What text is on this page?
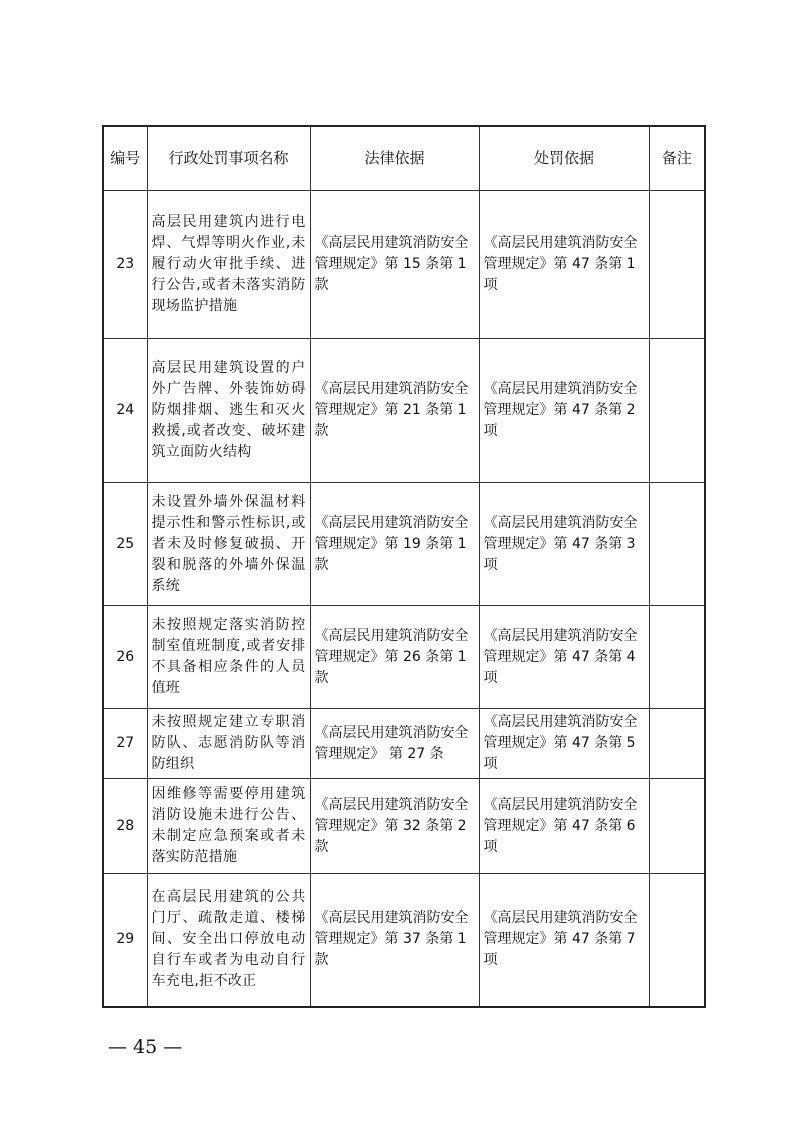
编号	行政处罚事项名称	法律依据	处罚依据	备注
23	高层民用建筑内进行电焊、气焊等明火作业,未履行动火审批手续、进行公告,或者未落实消防现场监护措施	《高层民用建筑消防安全管理规定》第 15 条第 1 款	《高层民用建筑消防安全管理规定》第 47 条第 1 项	
24	高层民用建筑设置的户外广告牌、外装饰妨碍防烟排烟、逃生和灭火救援,或者改变、破坏建筑立面防火结构	《高层民用建筑消防安全管理规定》第 21 条第 1 款	《高层民用建筑消防安全管理规定》第 47 条第 2 项	
25	未设置外墙外保温材料提示性和警示性标识,或者未及时修复破损、开裂和脱落的外墙外保温系统	《高层民用建筑消防安全管理规定》第 19 条第 1 款	《高层民用建筑消防安全管理规定》第 47 条第 3 项	
26	未按照规定落实消防控制室值班制度,或者安排不具备相应条件的人员值班	《高层民用建筑消防安全管理规定》第 26 条第 1 款	《高层民用建筑消防安全管理规定》第 47 条第 4 项	
27	未按照规定建立专职消防队、志愿消防队等消防组织	《高层民用建筑消防安全管理规定》 第 27 条	《高层民用建筑消防安全管理规定》第 47 条第 5 项	
28	因维修等需要停用建筑消防设施未进行公告、未制定应急预案或者未落实防范措施	《高层民用建筑消防安全管理规定》第 32 条第 2 款	《高层民用建筑消防安全管理规定》第 47 条第 6 项	
29	在高层民用建筑的公共门厅、疏散走道、楼梯间、安全出口停放电动自行车或者为电动自行车充电,拒不改正	《高层民用建筑消防安全管理规定》第 37 条第 1 款	《高层民用建筑消防安全管理规定》第 47 条第 7 项	
— 45 —
